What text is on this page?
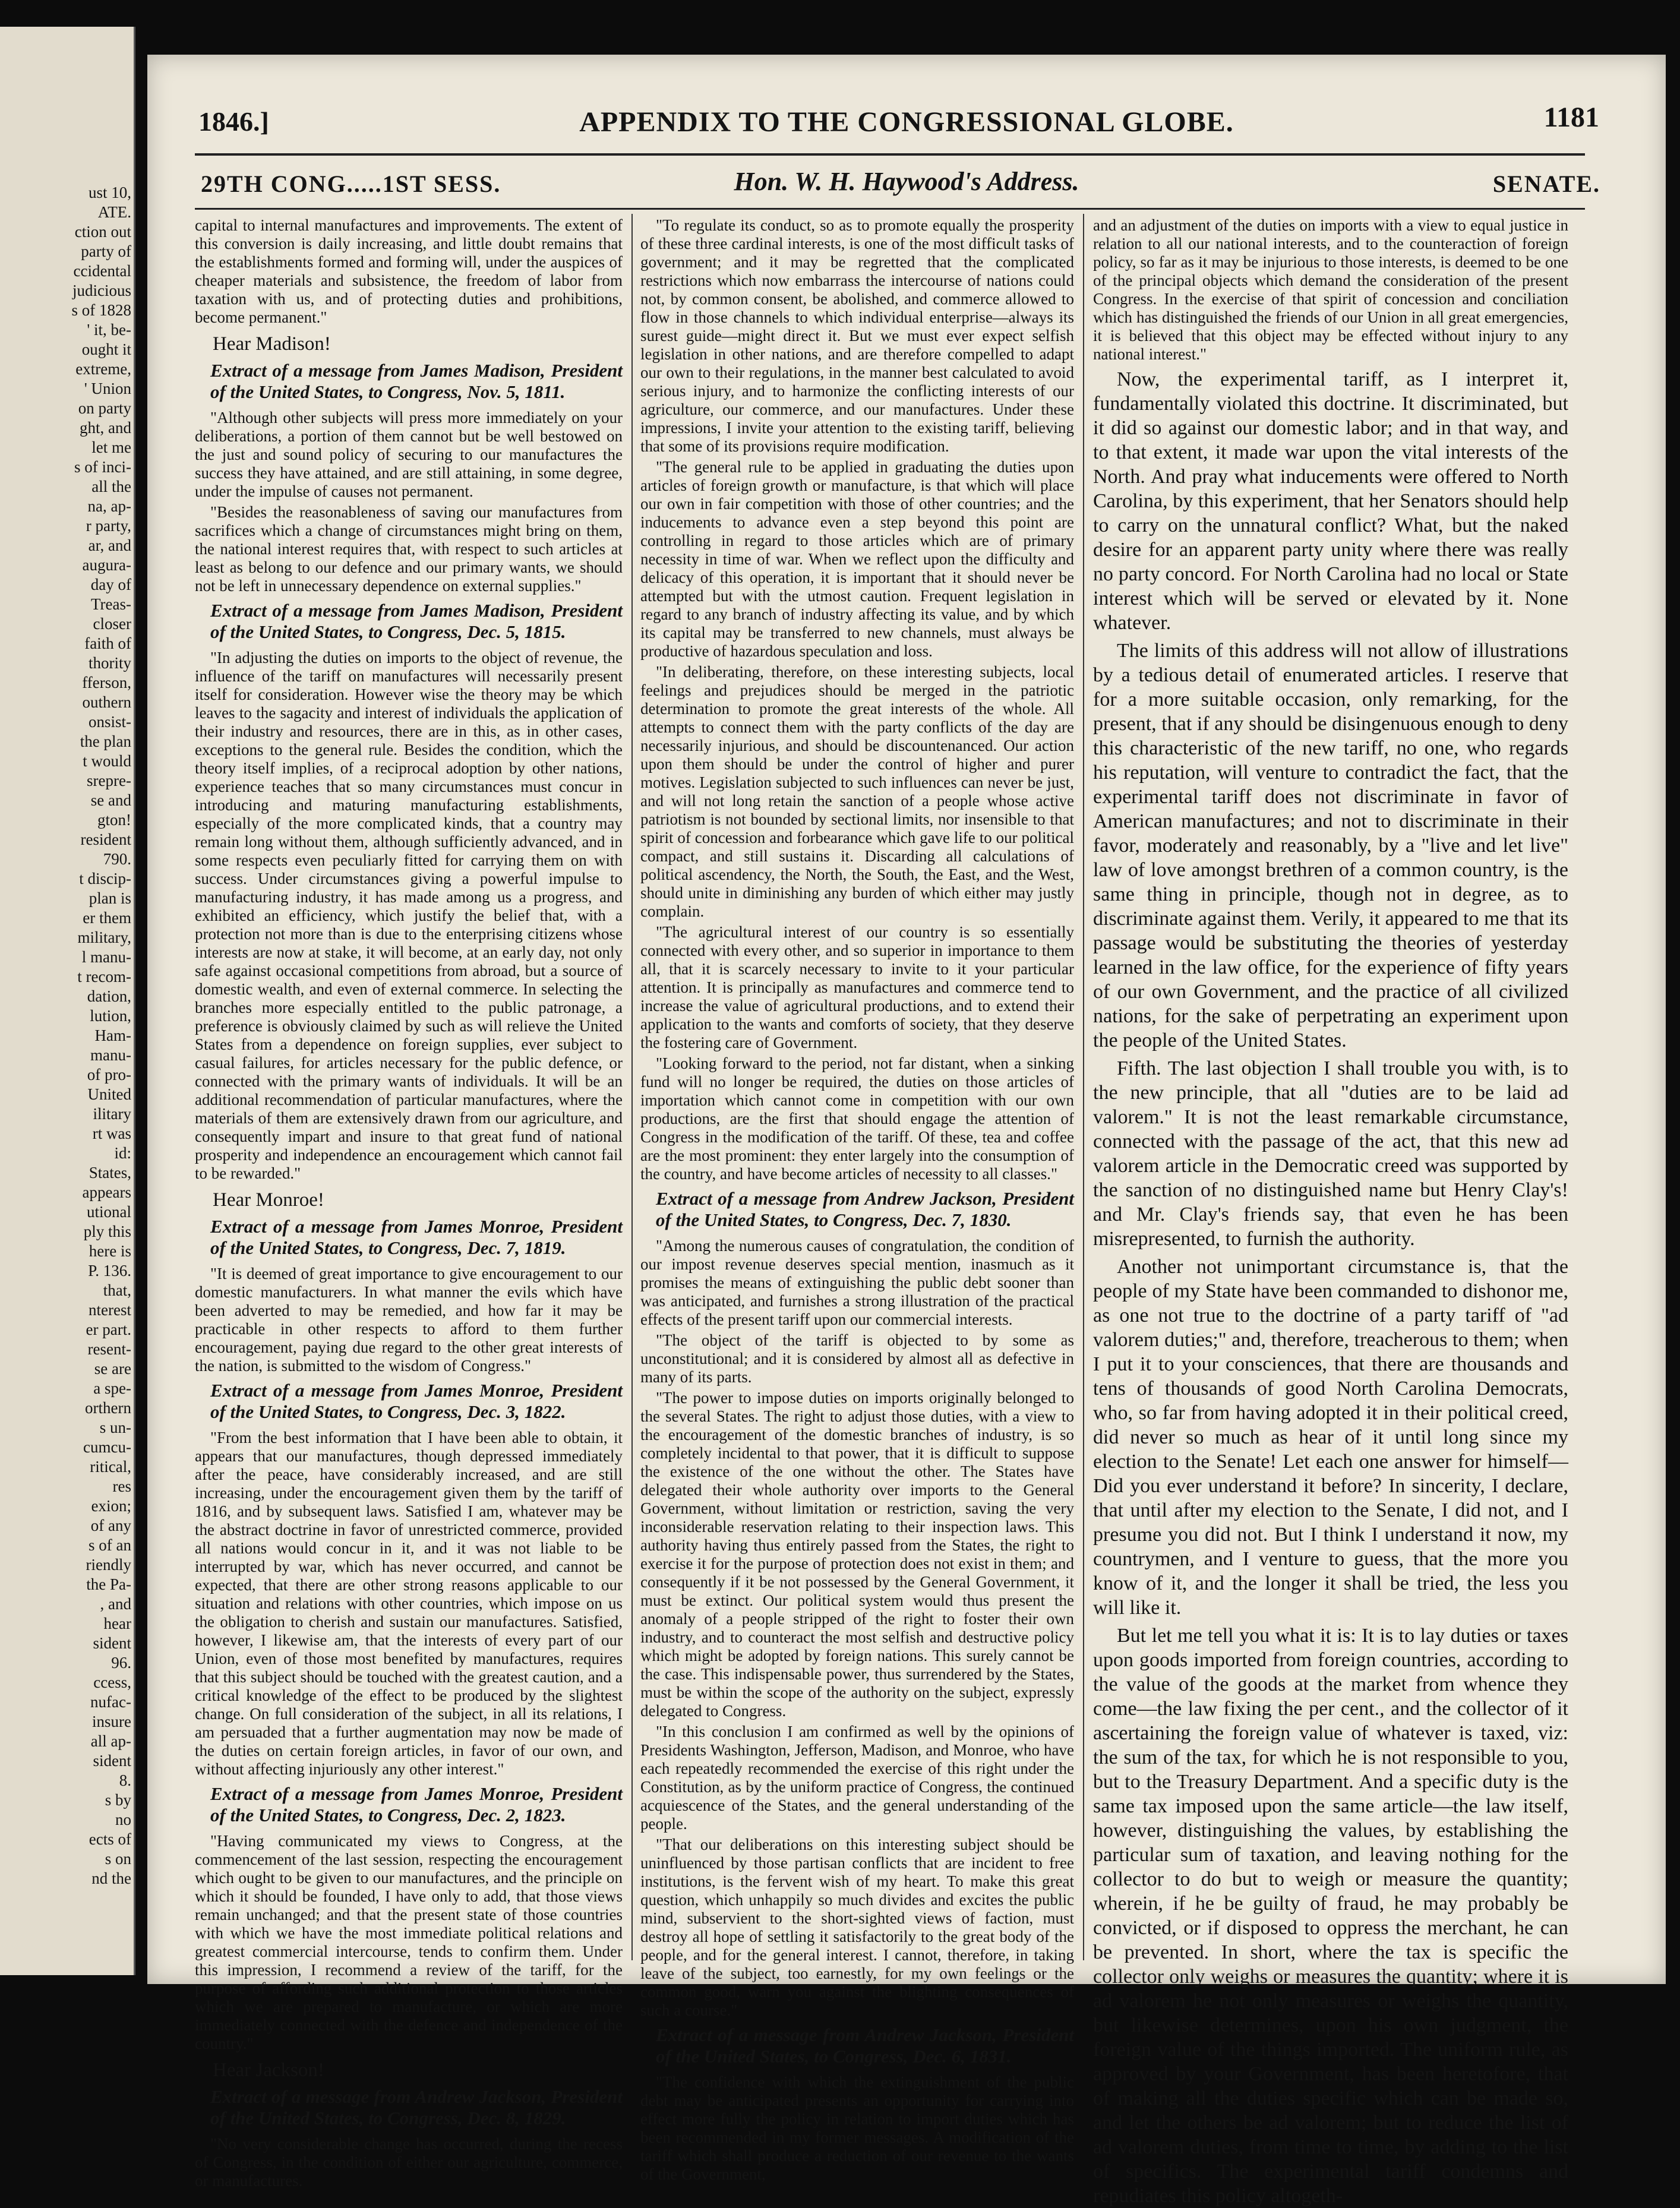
ust 10,
ATE.
ction out
party of
ccidental
judicious
s of 1828
' it, be-
ought it
extreme,
' Union
on party
ght, and
let me
s of inci-
all the
na, ap-
r party,
ar, and
augura-
day of
Treas-
closer
faith of
thority
fferson,
outhern
onsist-
the plan
t would
srepre-
se and
gton!
resident
790.
t discip-
plan is
er them
military,
l manu-
t recom-
dation,
lution,
Ham-
manu-
of pro-
United
ilitary
rt was
id:
States,
appears
utional
ply this
here is
P. 136.
that,
nterest
er part.
resent-
se are
a spe-
orthern
s un-
cumcu-
ritical,
res
exion;
of any
s of an
riendly
the Pa-
, and
hear
sident
96.
ccess,
nufac-
insure
all ap-
sident
8.
s by
no
ects of
s on
nd the
1846.]	APPENDIX TO THE CONGRESSIONAL GLOBE.	1181
29TH CONG.....1ST SESS.	Hon. W. H. Haywood's Address.	SENATE.

capital to internal manufactures and improvements. The extent of this conversion is daily increasing, and little doubt remains that the establishments formed and forming will, under the auspices of cheaper materials and subsistence, the freedom of labor from taxation with us, and of protecting duties and prohibitions, become permanent."

Hear Madison!

Extract of a message from James Madison, President of the United States, to Congress, Nov. 5, 1811.

"Although other subjects will press more immediately on your deliberations, a portion of them cannot but be well bestowed on the just and sound policy of securing to our manufactures the success they have attained, and are still attaining, in some degree, under the impulse of causes not permanent.

"Besides the reasonableness of saving our manufactures from sacrifices which a change of circumstances might bring on them, the national interest requires that, with respect to such articles at least as belong to our defence and our primary wants, we should not be left in unnecessary dependence on external supplies."

Extract of a message from James Madison, President of the United States, to Congress, Dec. 5, 1815.

"In adjusting the duties on imports to the object of revenue, the influence of the tariff on manufactures will necessarily present itself for consideration. However wise the theory may be which leaves to the sagacity and interest of individuals the application of their industry and resources, there are in this, as in other cases, exceptions to the general rule. Besides the condition, which the theory itself implies, of a reciprocal adoption by other nations, experience teaches that so many circumstances must concur in introducing and maturing manufacturing establishments, especially of the more complicated kinds, that a country may remain long without them, although sufficiently advanced, and in some respects even peculiarly fitted for carrying them on with success. Under circumstances giving a powerful impulse to manufacturing industry, it has made among us a progress, and exhibited an efficiency, which justify the belief that, with a protection not more than is due to the enterprising citizens whose interests are now at stake, it will become, at an early day, not only safe against occasional competitions from abroad, but a source of domestic wealth, and even of external commerce. In selecting the branches more especially entitled to the public patronage, a preference is obviously claimed by such as will relieve the United States from a dependence on foreign supplies, ever subject to casual failures, for articles necessary for the public defence, or connected with the primary wants of individuals. It will be an additional recommendation of particular manufactures, where the materials of them are extensively drawn from our agriculture, and consequently impart and insure to that great fund of national prosperity and independence an encouragement which cannot fail to be rewarded."

Hear Monroe!

Extract of a message from James Monroe, President of the United States, to Congress, Dec. 7, 1819.

"It is deemed of great importance to give encouragement to our domestic manufacturers. In what manner the evils which have been adverted to may be remedied, and how far it may be practicable in other respects to afford to them further encouragement, paying due regard to the other great interests of the nation, is submitted to the wisdom of Congress."

Extract of a message from James Monroe, President of the United States, to Congress, Dec. 3, 1822.

"From the best information that I have been able to obtain, it appears that our manufactures, though depressed immediately after the peace, have considerably increased, and are still increasing, under the encouragement given them by the tariff of 1816, and by subsequent laws. Satisfied I am, whatever may be the abstract doctrine in favor of unrestricted commerce, provided all nations would concur in it, and it was not liable to be interrupted by war, which has never occurred, and cannot be expected, that there are other strong reasons applicable to our situation and relations with other countries, which impose on us the obligation to cherish and sustain our manufactures. Satisfied, however, I likewise am, that the interests of every part of our Union, even of those most benefited by manufactures, requires that this subject should be touched with the greatest caution, and a critical knowledge of the effect to be produced by the slightest change. On full consideration of the subject, in all its relations, I am persuaded that a further augmentation may now be made of the duties on certain foreign articles, in favor of our own, and without affecting injuriously any other interest."

Extract of a message from James Monroe, President of the United States, to Congress, Dec. 2, 1823.

"Having communicated my views to Congress, at the commencement of the last session, respecting the encouragement which ought to be given to our manufactures, and the principle on which it should be founded, I have only to add, that those views remain unchanged; and that the present state of those countries with which we have the most immediate political relations and greatest commercial intercourse, tends to confirm them. Under this impression, I recommend a review of the tariff, for the purpose of affording such additional protection to those articles which we are prepared to manufacture, or which are more immediately connected with the defence and independence of the country."

Hear Jackson!

Extract of a message from Andrew Jackson, President of the United States, to Congress, Dec. 8, 1829.

"No very considerable change has occurred, during the recess of Congress, in the condition of either our agriculture, commerce, or manufactures.

"To regulate its conduct, so as to promote equally the prosperity of these three cardinal interests, is one of the most difficult tasks of government; and it may be regretted that the complicated restrictions which now embarrass the intercourse of nations could not, by common consent, be abolished, and commerce allowed to flow in those channels to which individual enterprise—always its surest guide—might direct it. But we must ever expect selfish legislation in other nations, and are therefore compelled to adapt our own to their regulations, in the manner best calculated to avoid serious injury, and to harmonize the conflicting interests of our agriculture, our commerce, and our manufactures. Under these impressions, I invite your attention to the existing tariff, believing that some of its provisions require modification.

"The general rule to be applied in graduating the duties upon articles of foreign growth or manufacture, is that which will place our own in fair competition with those of other countries; and the inducements to advance even a step beyond this point are controlling in regard to those articles which are of primary necessity in time of war. When we reflect upon the difficulty and delicacy of this operation, it is important that it should never be attempted but with the utmost caution. Frequent legislation in regard to any branch of industry affecting its value, and by which its capital may be transferred to new channels, must always be productive of hazardous speculation and loss.

"In deliberating, therefore, on these interesting subjects, local feelings and prejudices should be merged in the patriotic determination to promote the great interests of the whole. All attempts to connect them with the party conflicts of the day are necessarily injurious, and should be discountenanced. Our action upon them should be under the control of higher and purer motives. Legislation subjected to such influences can never be just, and will not long retain the sanction of a people whose active patriotism is not bounded by sectional limits, nor insensible to that spirit of concession and forbearance which gave life to our political compact, and still sustains it. Discarding all calculations of political ascendency, the North, the South, the East, and the West, should unite in diminishing any burden of which either may justly complain.

"The agricultural interest of our country is so essentially connected with every other, and so superior in importance to them all, that it is scarcely necessary to invite to it your particular attention. It is principally as manufactures and commerce tend to increase the value of agricultural productions, and to extend their application to the wants and comforts of society, that they deserve the fostering care of Government.

"Looking forward to the period, not far distant, when a sinking fund will no longer be required, the duties on those articles of importation which cannot come in competition with our own productions, are the first that should engage the attention of Congress in the modification of the tariff. Of these, tea and coffee are the most prominent: they enter largely into the consumption of the country, and have become articles of necessity to all classes."

Extract of a message from Andrew Jackson, President of the United States, to Congress, Dec. 7, 1830.

"Among the numerous causes of congratulation, the condition of our impost revenue deserves special mention, inasmuch as it promises the means of extinguishing the public debt sooner than was anticipated, and furnishes a strong illustration of the practical effects of the present tariff upon our commercial interests.

"The object of the tariff is objected to by some as unconstitutional; and it is considered by almost all as defective in many of its parts.

"The power to impose duties on imports originally belonged to the several States. The right to adjust those duties, with a view to the encouragement of the domestic branches of industry, is so completely incidental to that power, that it is difficult to suppose the existence of the one without the other. The States have delegated their whole authority over imports to the General Government, without limitation or restriction, saving the very inconsiderable reservation relating to their inspection laws. This authority having thus entirely passed from the States, the right to exercise it for the purpose of protection does not exist in them; and consequently if it be not possessed by the General Government, it must be extinct. Our political system would thus present the anomaly of a people stripped of the right to foster their own industry, and to counteract the most selfish and destructive policy which might be adopted by foreign nations. This surely cannot be the case. This indispensable power, thus surrendered by the States, must be within the scope of the authority on the subject, expressly delegated to Congress.

"In this conclusion I am confirmed as well by the opinions of Presidents Washington, Jefferson, Madison, and Monroe, who have each repeatedly recommended the exercise of this right under the Constitution, as by the uniform practice of Congress, the continued acquiescence of the States, and the general understanding of the people.

"That our deliberations on this interesting subject should be uninfluenced by those partisan conflicts that are incident to free institutions, is the fervent wish of my heart. To make this great question, which unhappily so much divides and excites the public mind, subservient to the short-sighted views of faction, must destroy all hope of settling it satisfactorily to the great body of the people, and for the general interest. I cannot, therefore, in taking leave of the subject, too earnestly, for my own feelings or the common good, warn you against the blighting consequences of such a course."

Extract of a message from Andrew Jackson, President of the United States, to Congress, Dec. 6, 1831.

"The confidence with which the extinguishment of the public debt may be anticipated presents an opportunity for carrying into effect more fully the policy in relation to import duties which has been recommended in my former messages. A modification of the tariff which shall produce a reduction of our revenue to the wants of the Government,

and an adjustment of the duties on imports with a view to equal justice in relation to all our national interests, and to the counteraction of foreign policy, so far as it may be injurious to those interests, is deemed to be one of the principal objects which demand the consideration of the present Congress. In the exercise of that spirit of concession and conciliation which has distinguished the friends of our Union in all great emergencies, it is believed that this object may be effected without injury to any national interest."

Now, the experimental tariff, as I interpret it, fundamentally violated this doctrine. It discriminated, but it did so against our domestic labor; and in that way, and to that extent, it made war upon the vital interests of the North. And pray what inducements were offered to North Carolina, by this experiment, that her Senators should help to carry on the unnatural conflict? What, but the naked desire for an apparent party unity where there was really no party concord. For North Carolina had no local or State interest which will be served or elevated by it. None whatever.

The limits of this address will not allow of illustrations by a tedious detail of enumerated articles. I reserve that for a more suitable occasion, only remarking, for the present, that if any should be disingenuous enough to deny this characteristic of the new tariff, no one, who regards his reputation, will venture to contradict the fact, that the experimental tariff does not discriminate in favor of American manufactures; and not to discriminate in their favor, moderately and reasonably, by a "live and let live" law of love amongst brethren of a common country, is the same thing in principle, though not in degree, as to discriminate against them. Verily, it appeared to me that its passage would be substituting the theories of yesterday learned in the law office, for the experience of fifty years of our own Government, and the practice of all civilized nations, for the sake of perpetrating an experiment upon the people of the United States.

Fifth. The last objection I shall trouble you with, is to the new principle, that all "duties are to be laid ad valorem." It is not the least remarkable circumstance, connected with the passage of the act, that this new ad valorem article in the Democratic creed was supported by the sanction of no distinguished name but Henry Clay's! and Mr. Clay's friends say, that even he has been misrepresented, to furnish the authority.

Another not unimportant circumstance is, that the people of my State have been commanded to dishonor me, as one not true to the doctrine of a party tariff of "ad valorem duties;" and, therefore, treacherous to them; when I put it to your consciences, that there are thousands and tens of thousands of good North Carolina Democrats, who, so far from having adopted it in their political creed, did never so much as hear of it until long since my election to the Senate! Let each one answer for himself—Did you ever understand it before? In sincerity, I declare, that until after my election to the Senate, I did not, and I presume you did not. But I think I understand it now, my countrymen, and I venture to guess, that the more you know of it, and the longer it shall be tried, the less you will like it.

But let me tell you what it is: It is to lay duties or taxes upon goods imported from foreign countries, according to the value of the goods at the market from whence they come—the law fixing the per cent., and the collector of it ascertaining the foreign value of whatever is taxed, viz: the sum of the tax, for which he is not responsible to you, but to the Treasury Department. And a specific duty is the same tax imposed upon the same article—the law itself, however, distinguishing the values, by establishing the particular sum of taxation, and leaving nothing for the collector to do but to weigh or measure the quantity; wherein, if he be guilty of fraud, he may probably be convicted, or if disposed to oppress the merchant, he can be prevented. In short, where the tax is specific the collector only weighs or measures the quantity; where it is ad valorem he not only measures or weighs the quantity, but likewise determines, upon his own judgment, the foreign value of the things imported. The uniform rule, as approved by your Government, has been heretofore, that of making all the duties specific which can be made so, and let the others be ad valorem; but to reduce the list of ad valorem duties, from time to time, by adding to the list of specifics. The experimental tariff condemns and repudiates this policy altogeth-
